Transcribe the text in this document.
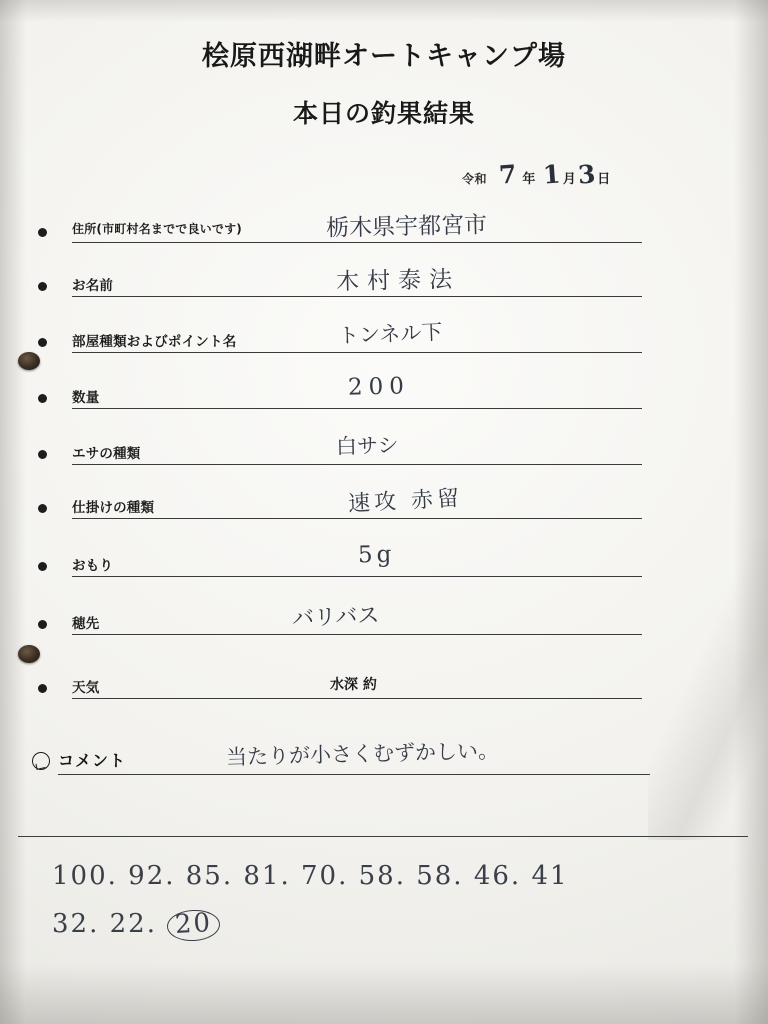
桧原西湖畔オートキャンプ場
本日の釣果結果
令和 7 年 1 月 3 日
住所(市町村名までで良いです)	栃木県宇都宮市
お名前	木村泰法
部屋種類およびポイント名	トンネル下
数量	200
エサの種類	白サシ
仕掛けの種類	速攻 赤留
おもり	5g
穂先	バリバス
天気	水深 約
コメント	当たりが小さくむずかしい。
100. 92. 85. 81. 70. 58. 58. 46. 41
32. 22. 20
